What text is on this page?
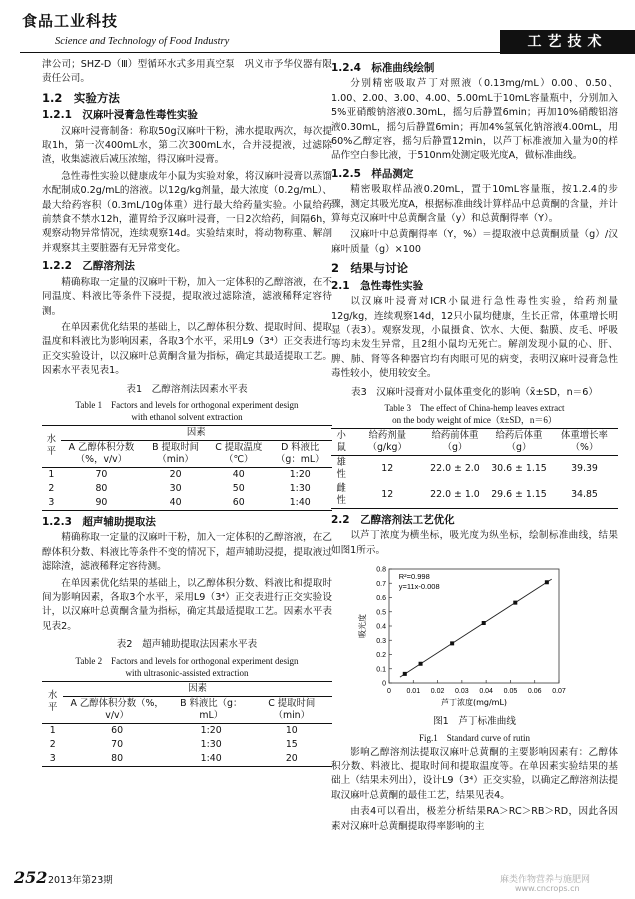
食品工业科技
Science and Technology of Food Industry	工艺技术

津公司；SHZ-D（Ⅲ）型循环水式多用真空泵　巩义市予华仪器有限责任公司。

1.2　实验方法
1.2.1　汉麻叶浸膏急性毒性实验

汉麻叶浸膏制备：称取50g汉麻叶干粉，沸水提取两次，每次提取1h，第一次400mL水，第二次300mL水，合并浸提液，过滤除渣，收集滤液后减压浓缩，得汉麻叶浸膏。

急性毒性实验以健康成年小鼠为实验对象，将汉麻叶浸膏以蒸馏水配制成0.2g/mL的溶液。以12g/kg剂量，最大浓度（0.2g/mL）、最大给药容积（0.3mL/10g体重）进行最大给药量实验。小鼠给药前禁食不禁水12h，灌胃给予汉麻叶浸膏，一日2次给药，间隔6h，观察动物异常情况，连续观察14d。实验结束时，将动物称重、解剖并观察其主要脏器有无异常变化。

1.2.2　乙醇溶剂法

精确称取一定量的汉麻叶干粉，加入一定体积的乙醇溶液，在不同温度、料液比等条件下浸提，提取液过滤除渣，滤液稀释定容待测。

在单因素优化结果的基础上，以乙醇体积分数、提取时间、提取温度和料液比为影响因素，各取3个水平，采用L9（3⁴）正交表进行正交实验设计，以汉麻叶总黄酮含量为指标，确定其最适提取工艺。因素水平表见表1。

表1　乙醇溶剂法因素水平表
Table 1　Factors and levels for orthogonal experiment design
with ethanol solvent extraction
水平	因素			
	A 乙醇体积分数（%，v/v）	B 提取时间（min）	C 提取温度（℃）	D 料液比（g：mL）
1	70	20	40	1:20
2	80	30	50	1:30
3	90	40	60	1:40
1.2.3　超声辅助提取法

精确称取一定量的汉麻叶干粉，加入一定体积的乙醇溶液，在乙醇体积分数、料液比等条件不变的情况下，超声辅助浸提，提取液过滤除渣，滤液稀释定容待测。

在单因素优化结果的基础上，以乙醇体积分数、料液比和提取时间为影响因素，各取3个水平，采用L9（3⁴）正交表进行正交实验设计，以汉麻叶总黄酮含量为指标，确定其最适提取工艺。因素水平表见表2。

表2　超声辅助提取法因素水平表
Table 2　Factors and levels for orthogonal experiment design
with ultrasonic-assisted extraction
水平	因素		
	A 乙醇体积分数（%，v/v）	B 料液比（g：mL）	C 提取时间（min）
1	60	1:20	10
2	70	1:30	15
3	80	1:40	20
1.2.4　标准曲线绘制

分别精密吸取芦丁对照液（0.13mg/mL）0.00、0.50、1.00、2.00、3.00、4.00、5.00mL于10mL容量瓶中，分别加入5%亚硝酸钠溶液0.30mL，摇匀后静置6min；再加10%硝酸铝溶液0.30mL，摇匀后静置6min；再加4%氢氧化钠溶液4.00mL，用60%乙醇定容，摇匀后静置12min，以芦丁标准液加入量为0的样品作空白参比液，于510nm处测定吸光度A，做标准曲线。

1.2.5　样品测定

精密吸取样品液0.20mL，置于10mL容量瓶，按1.2.4的步骤，测定其吸光度A，根据标准曲线计算样品中总黄酮的含量，并计算每克汉麻叶中总黄酮含量（y）和总黄酮得率（Y）。

汉麻叶中总黄酮得率（Y，%）＝提取液中总黄酮质量（g）/汉麻叶质量（g）×100

2　结果与讨论
2.1　急性毒性实验

以汉麻叶浸膏对ICR小鼠进行急性毒性实验，给药剂量12g/kg，连续观察14d，12只小鼠均健康，生长正常，体重增长明显（表3）。观察发现，小鼠摄食、饮水、大便、黏膜、皮毛、呼吸等均未发生异常，且2组小鼠均无死亡。解剖发现小鼠的心、肝、脾、肺、肾等各种器官均有肉眼可见的病变，表明汉麻叶浸膏急性毒性较小，使用较安全。

表3　汉麻叶浸膏对小鼠体重变化的影响（x̄±SD，n＝6）
Table 3　The effect of China-hemp leaves extract
on the body weight of mice（x̄±SD，n＝6）
小鼠	给药剂量（g/kg）	给药前体重（g）	给药后体重（g）	体重增长率（%）
雄性	12	22.0 ± 2.0	30.6 ± 1.15	39.39
雌性	12	22.0 ± 1.0	29.6 ± 1.15	34.85
2.2　乙醇溶剂法工艺优化

以芦丁浓度为横坐标，吸光度为纵坐标，绘制标准曲线，结果如图1所示。

0 0.01 0.02 0.03 0.04 0.05 0.06 0.07
0
0.1
0.2
0.3
0.4
0.5
0.6
0.7
0.8
R²=0.998
y=11x-0.008
芦丁浓度(mg/mL)
吸光度
图1　芦丁标准曲线
Fig.1　Standard curve of rutin

影响乙醇溶剂法提取汉麻叶总黄酮的主要影响因素有：乙醇体积分数、料液比、提取时间和提取温度等。在单因素实验结果的基础上（结果未列出），设计L9（3⁴）正交实验，以确定乙醇溶剂法提取汉麻叶总黄酮的最佳工艺，结果见表4。

由表4可以看出，极差分析结果RA＞RC＞RB＞RD，因此各因素对汉麻叶总黄酮提取得率影响的主

252 2013年第23期	麻类作物营养与施肥网
www.cncrops.cn
